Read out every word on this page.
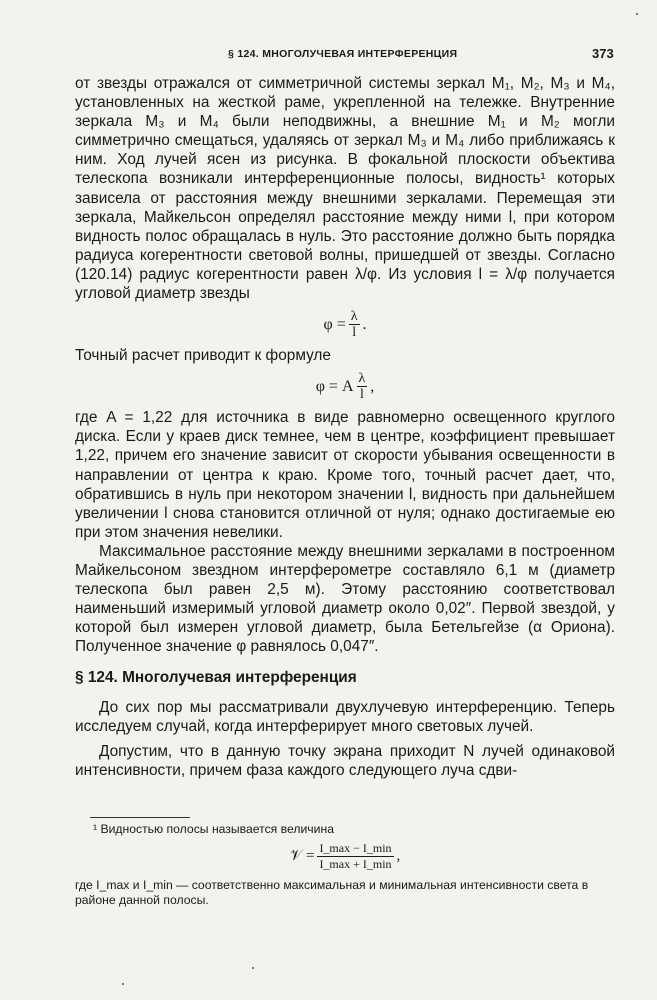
§ 124. МНОГОЛУЧЕВАЯ ИНТЕРФЕРЕНЦИЯ	373

от звезды отражался от симметричной системы зеркал M₁, M₂, M₃ и M₄, установленных на жесткой раме, укрепленной на тележке. Внутренние зеркала M₃ и M₄ были неподвижны, а внешние M₁ и M₂ могли симметрично смещаться, удаляясь от зеркал M₃ и M₄ либо приближаясь к ним. Ход лучей ясен из рисунка. В фокальной плоскости объектива телескопа возникали интерференционные полосы, видность¹ которых зависела от расстояния между внешними зеркалами. Перемещая эти зеркала, Майкельсон определял расстояние между ними l, при котором видность полос обращалась в нуль. Это расстояние должно быть порядка радиуса когерентности световой волны, пришедшей от звезды. Согласно (120.14) радиус когерентности равен λ/φ. Из условия l = λ/φ получается угловой диаметр звезды

$\varphi = \frac{\lambda}{l}$ .

Точный расчет приводит к формуле

φ = A $\frac{\lambda}{l}$ ,

где A = 1,22 для источника в виде равномерно освещенного круглого диска. Если у краев диск темнее, чем в центре, коэффициент превышает 1,22, причем его значение зависит от скорости убывания освещенности в направлении от центра к краю. Кроме того, точный расчет дает, что, обратившись в нуль при некотором значении l, видность при дальнейшем увеличении l снова становится отличной от нуля; однако достигаемые ею при этом значения невелики.

Максимальное расстояние между внешними зеркалами в построенном Майкельсоном звездном интерферометре составляло 6,1 м (диаметр телескопа был равен 2,5 м). Этому расстоянию соответствовал наименьший измеримый угловой диаметр около 0,02″. Первой звездой, у которой был измерен угловой диаметр, была Бетельгейзе (α Ориона). Полученное значение φ равнялось 0,047″.

§ 124. Многолучевая интерференция

До сих пор мы рассматривали двухлучевую интерференцию. Теперь исследуем случай, когда интерферирует много световых лучей.

Допустим, что в данную точку экрана приходит N лучей одинаковой интенсивности, причем фаза каждого следующего луча сдви-

¹ Видностью полосы называется величина

𝒱 = $\frac{I\_\max - I\_\min}{I\_\max + I\_\min}$ ,

где I_max и I_min — соответственно максимальная и минимальная интенсивности света в районе данной полосы.
